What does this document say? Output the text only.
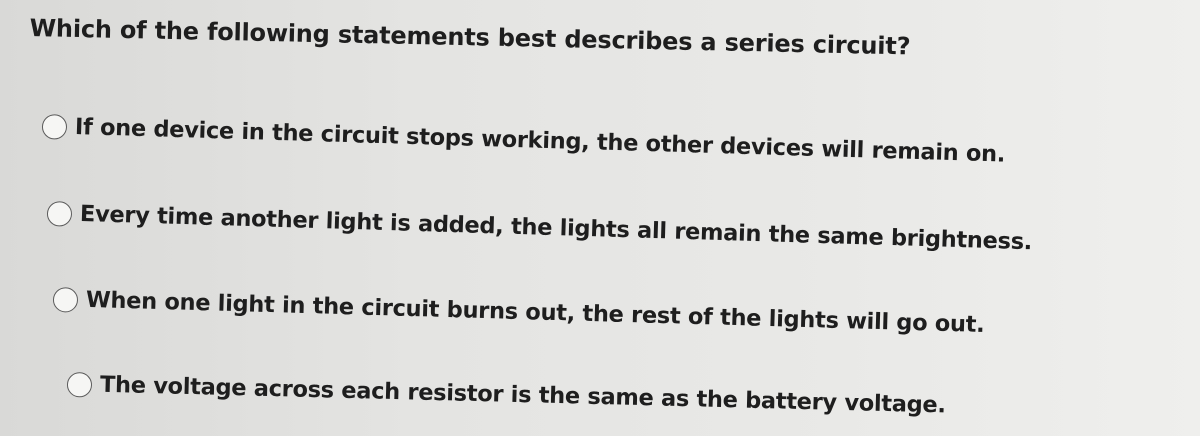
Which of the following statements best describes a series circuit?
If one device in the circuit stops working, the other devices will remain on.
Every time another light is added, the lights all remain the same brightness.
When one light in the circuit burns out, the rest of the lights will go out.
The voltage across each resistor is the same as the battery voltage.
